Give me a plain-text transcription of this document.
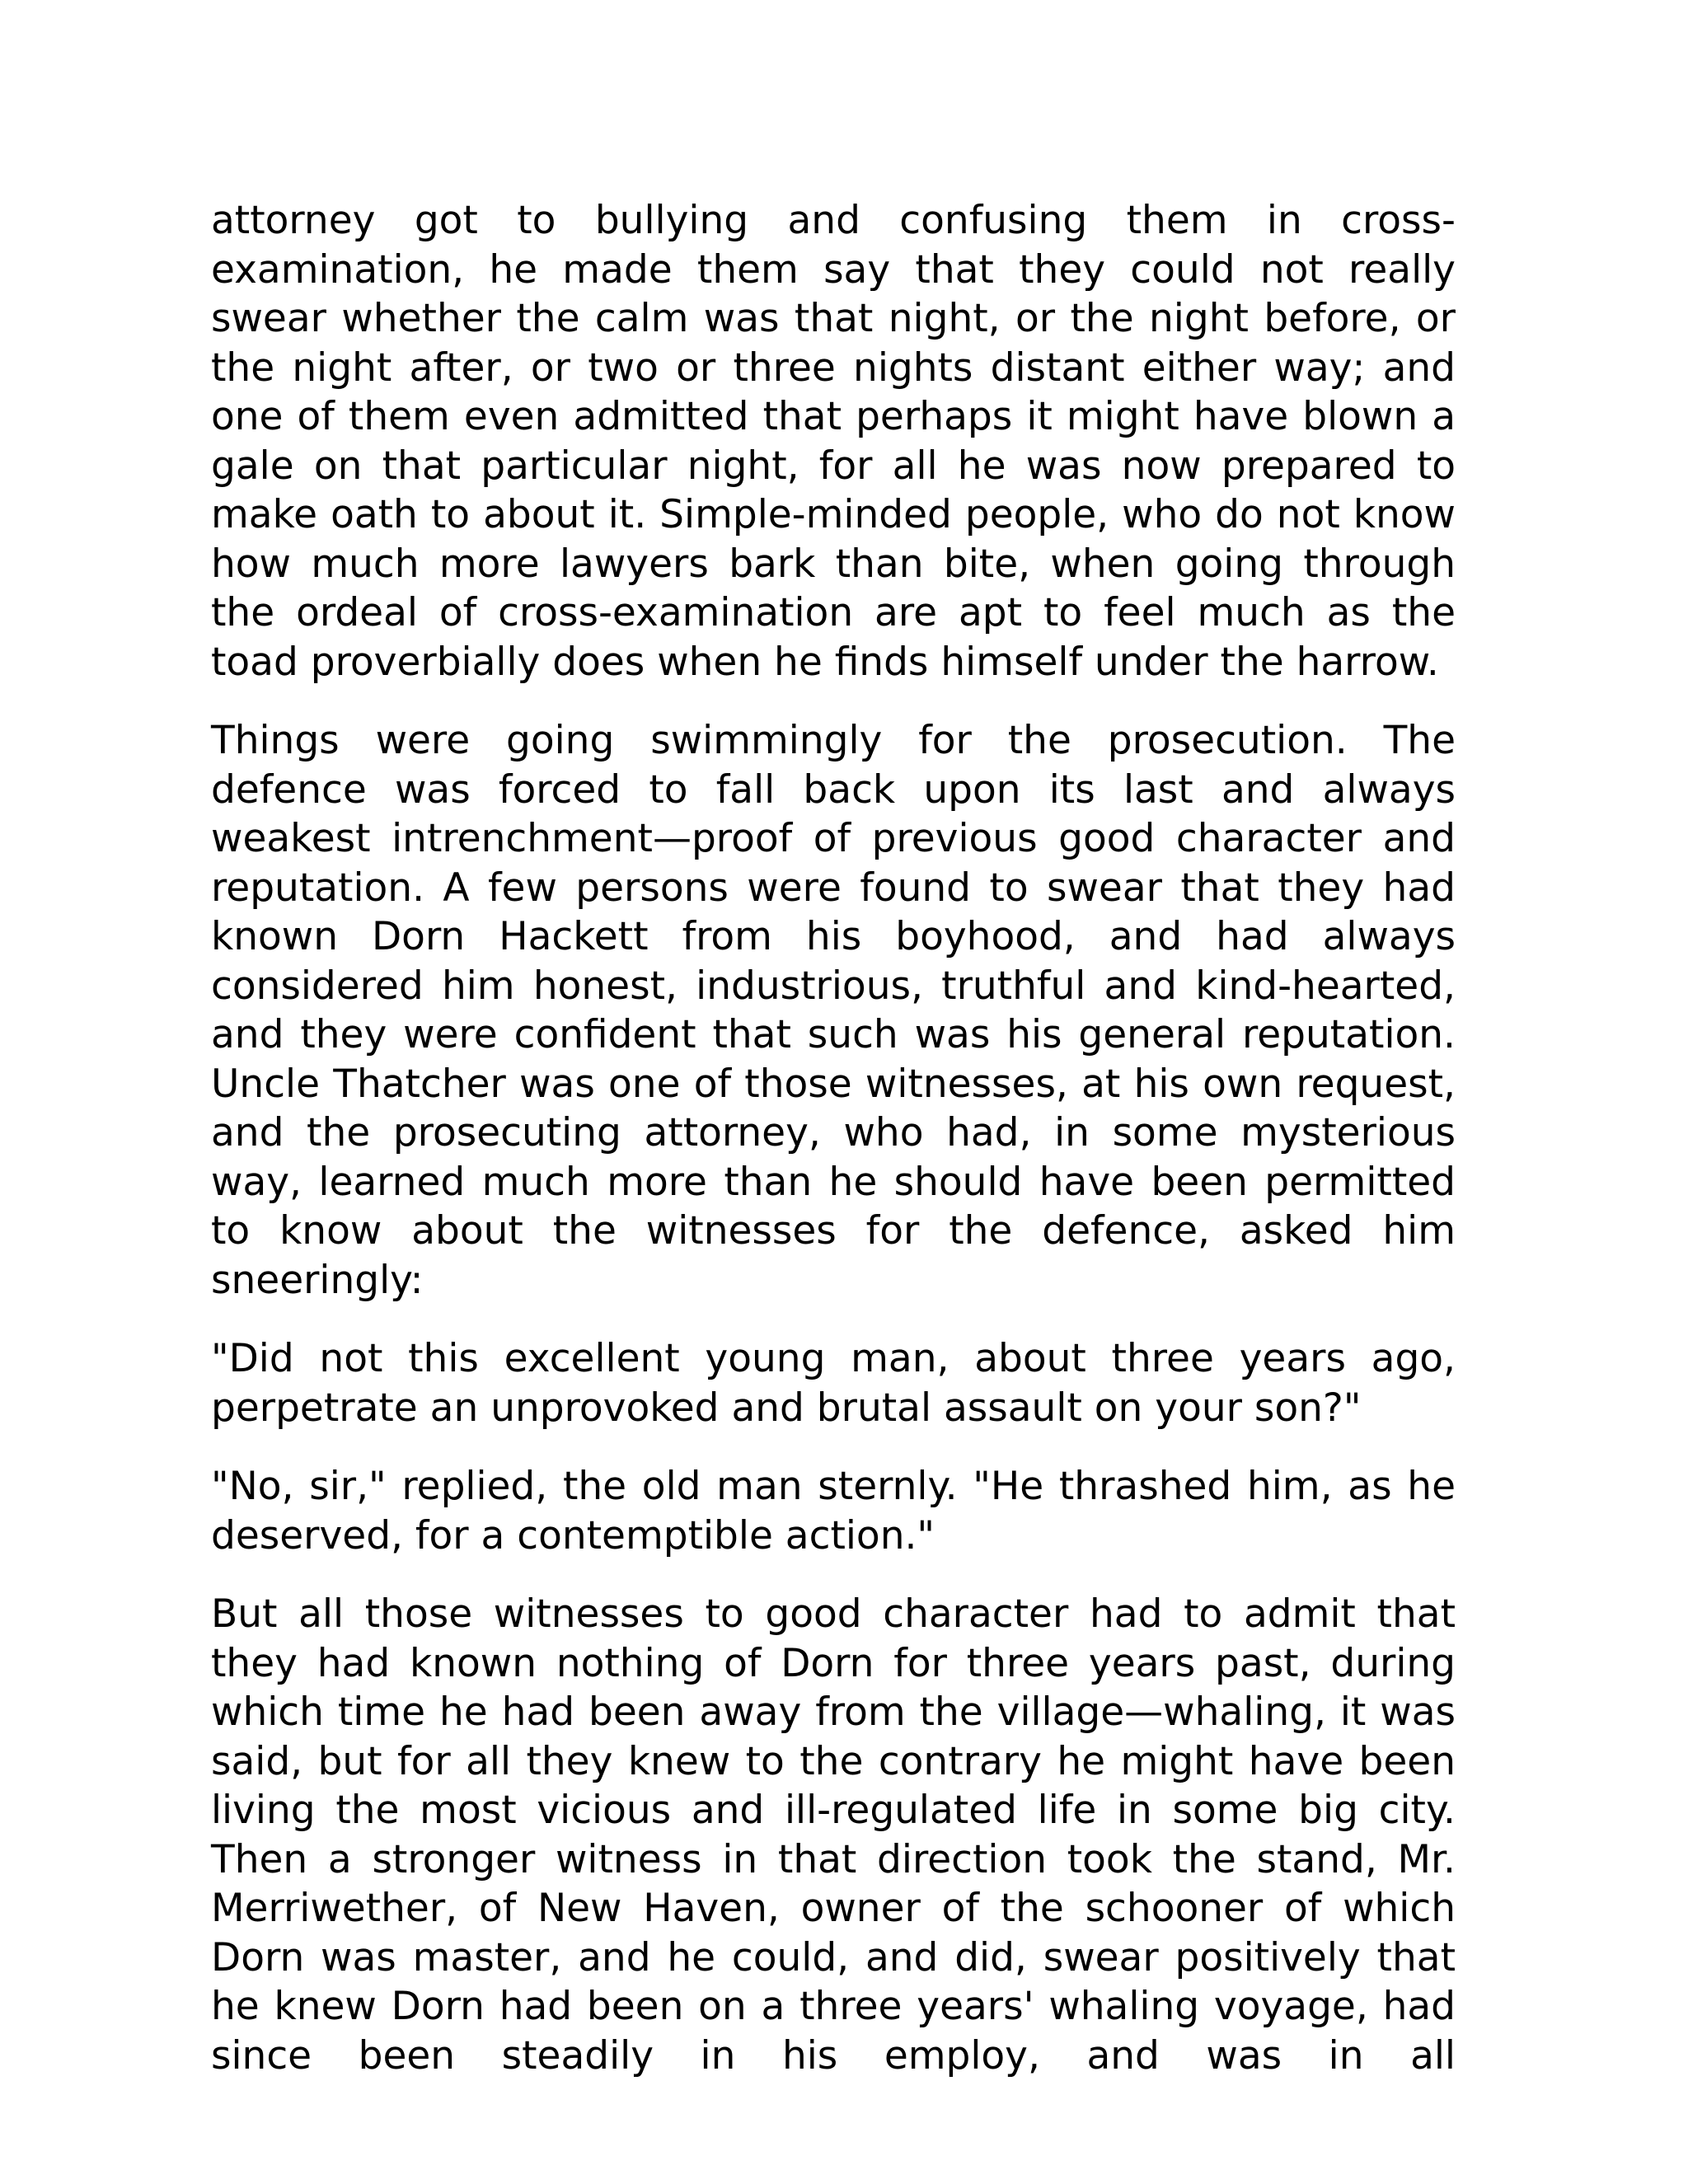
attorney got to bullying and confusing them in cross-examination, he made them say that they could not really swear whether the calm was that night, or the night before, or the night after, or two or three nights distant either way; and one of them even admitted that perhaps it might have blown a gale on that particular night, for all he was now prepared to make oath to about it. Simple-minded people, who do not know how much more lawyers bark than bite, when going through the ordeal of cross-examination are apt to feel much as the toad proverbially does when he finds himself under the harrow.

Things were going swimmingly for the prosecution. The defence was forced to fall back upon its last and always weakest intrenchment—proof of previous good character and reputation. A few persons were found to swear that they had known Dorn Hackett from his boyhood, and had always considered him honest, industrious, truthful and kind-hearted, and they were confident that such was his general reputation. Uncle Thatcher was one of those witnesses, at his own request, and the prosecuting attorney, who had, in some mysterious way, learned much more than he should have been permitted to know about the witnesses for the defence, asked him sneeringly:

"Did not this excellent young man, about three years ago, perpetrate an unprovoked and brutal assault on your son?"

"No, sir," replied, the old man sternly. "He thrashed him, as he deserved, for a contemptible action."

But all those witnesses to good character had to admit that they had known nothing of Dorn for three years past, during which time he had been away from the village—whaling, it was said, but for all they knew to the contrary he might have been living the most vicious and ill-regulated life in some big city. Then a stronger witness in that direction took the stand, Mr. Merriwether, of New Haven, owner of the schooner of which Dorn was master, and he could, and did, swear positively that he knew Dorn had been on a three years' whaling voyage, had since been steadily in his employ, and was in all
